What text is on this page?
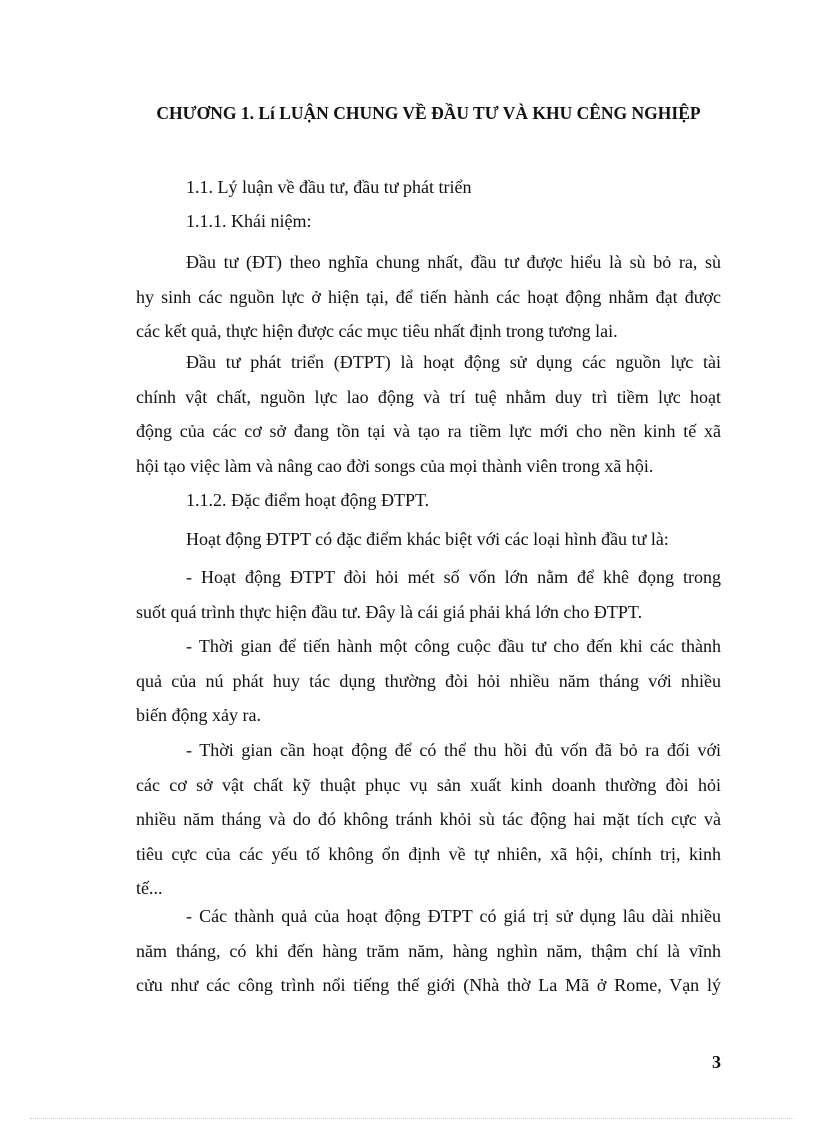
CHƯƠNG 1. Lí LUẬN CHUNG VỀ ĐẦU TƯ VÀ KHU CÊNG NGHIỆP
1.1. Lý luận về đầu tư, đầu tư phát triển
1.1.1. Khái niệm:
Đầu tư (ĐT) theo nghĩa chung nhất, đầu tư được hiểu là sù bỏ ra, sù
hy sinh các nguồn lực ở hiện tại, để tiến hành các hoạt động nhằm đạt được
các kết quả, thực hiện được các mục tiêu nhất định trong tương lai.
Đầu tư phát triển (ĐTPT) là hoạt động sử dụng các nguồn lực tài
chính vật chất, nguồn lực lao động và trí tuệ nhằm duy trì tiềm lực hoạt
động của các cơ sở đang tồn tại và tạo ra tiềm lực mới cho nền kinh tế xã
hội tạo việc làm và nâng cao đời songs của mọi thành viên trong xã hội.
1.1.2. Đặc điểm hoạt động ĐTPT.
Hoạt động ĐTPT có đặc điểm khác biệt với các loại hình đầu tư là:
- Hoạt động ĐTPT đòi hỏi mét số vốn lớn nằm để khê đọng trong
suốt quá trình thực hiện đầu tư. Đây là cái giá phải khá lớn cho ĐTPT.
- Thời gian để tiến hành một công cuộc đầu tư cho đến khi các thành
quả của nú phát huy tác dụng thường đòi hỏi nhiều năm tháng với nhiều
biến động xảy ra.
- Thời gian cần hoạt động để có thể thu hồi đủ vốn đã bỏ ra đối với
các cơ sở vật chất kỹ thuật phục vụ sản xuất kinh doanh thường đòi hỏi
nhiều năm tháng và do đó không tránh khỏi sù tác động hai mặt tích cực và
tiêu cực của các yếu tố không ổn định về tự nhiên, xã hội, chính trị, kinh
tế...
- Các thành quả của hoạt động ĐTPT có giá trị sử dụng lâu dài nhiều
năm tháng, có khi đến hàng trăm năm, hàng nghìn năm, thậm chí là vĩnh
cửu như các công trình nổi tiếng thế giới (Nhà thờ La Mã ở Rome, Vạn lý
3
